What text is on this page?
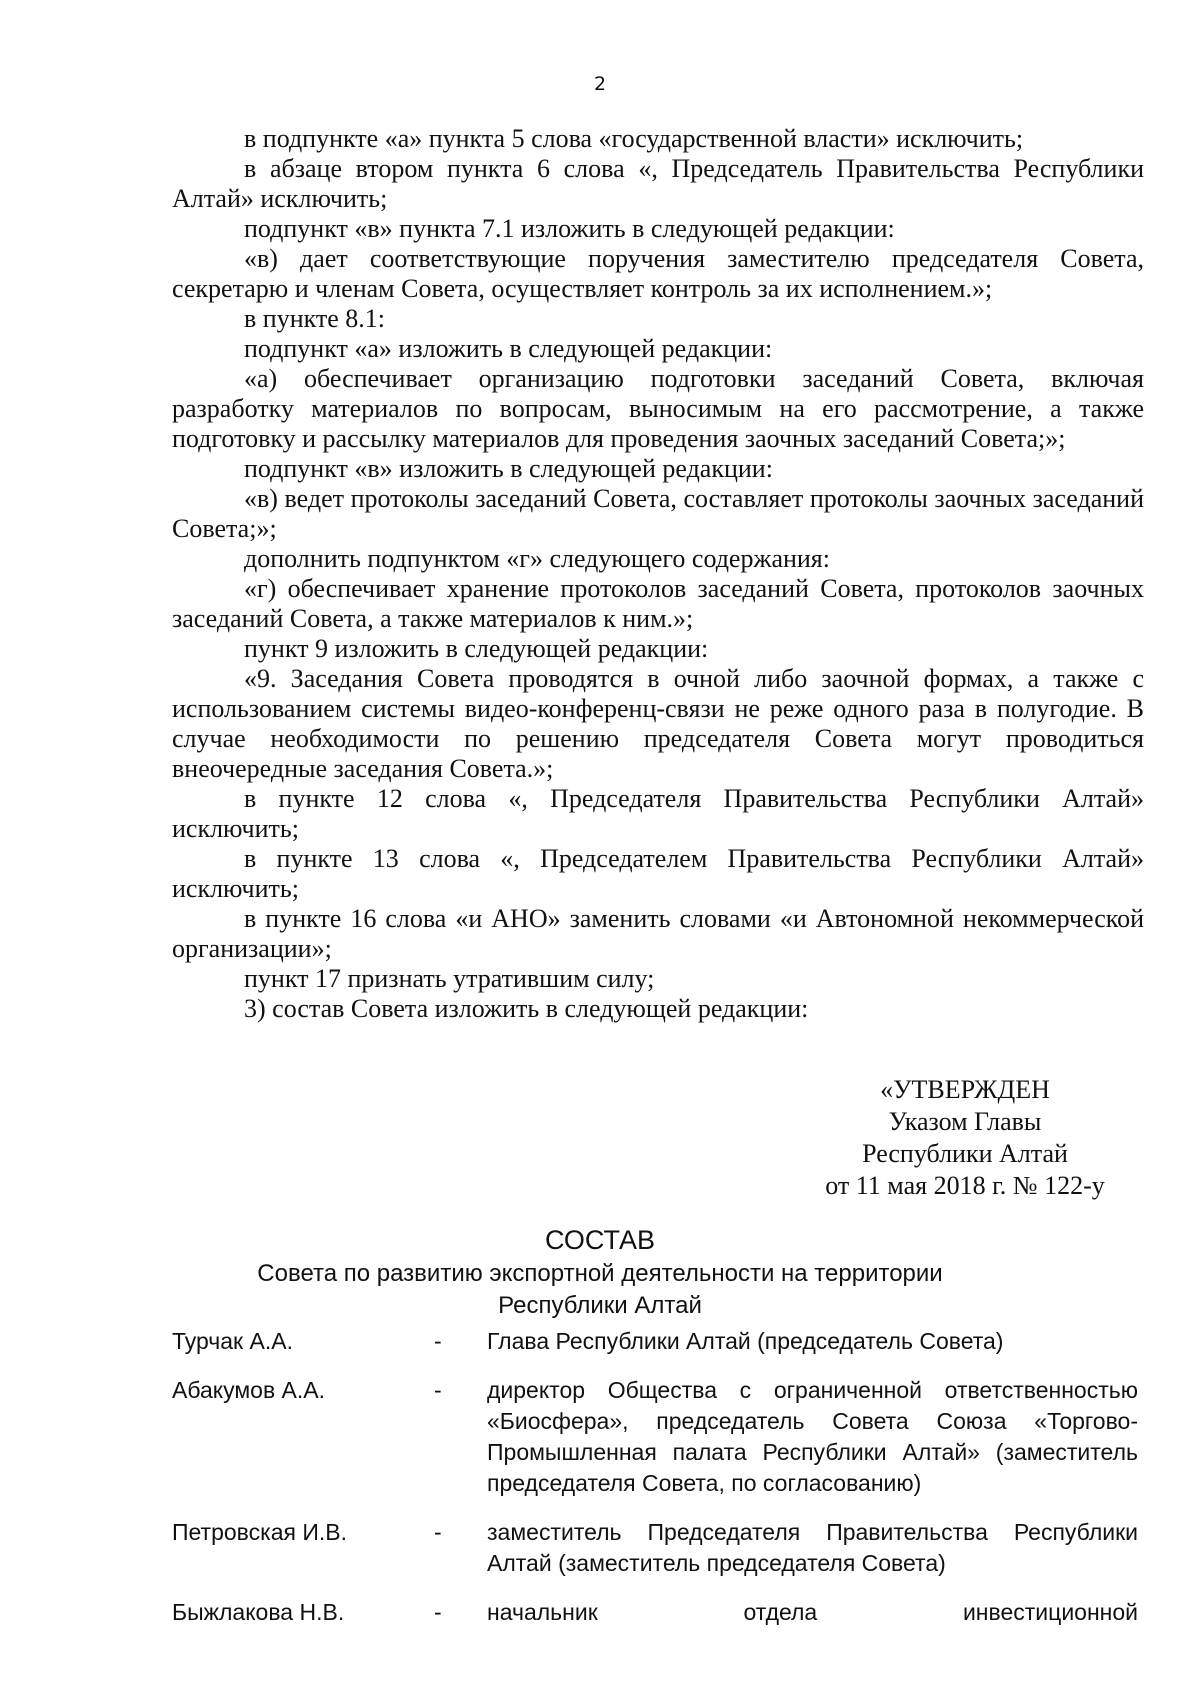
2

в подпункте «а» пункта 5 слова «государственной власти» исключить;

в абзаце втором пункта 6 слова «, Председатель Правительства Республики Алтай» исключить;

подпункт «в» пункта 7.1 изложить в следующей редакции:

«в) дает соответствующие поручения заместителю председателя Совета, секретарю и членам Совета, осуществляет контроль за их исполнением.»;

в пункте 8.1:

подпункт «а» изложить в следующей редакции:

«а) обеспечивает организацию подготовки заседаний Совета, включая разработку материалов по вопросам, выносимым на его рассмотрение, а также подготовку и рассылку материалов для проведения заочных заседаний Совета;»;

подпункт «в» изложить в следующей редакции:

«в) ведет протоколы заседаний Совета, составляет протоколы заочных заседаний Совета;»;

дополнить подпунктом «г» следующего содержания:

«г) обеспечивает хранение протоколов заседаний Совета, протоколов заочных заседаний Совета, а также материалов к ним.»;

пункт 9 изложить в следующей редакции:

«9. Заседания Совета проводятся в очной либо заочной формах, а также с использованием системы видео-конференц-связи не реже одного раза в полугодие. В случае необходимости по решению председателя Совета могут проводиться внеочередные заседания Совета.»;

в пункте 12 слова «, Председателя Правительства Республики Алтай» исключить;

в пункте 13 слова «, Председателем Правительства Республики Алтай» исключить;

в пункте 16 слова «и АНО» заменить словами «и Автономной некоммерческой организации»;

пункт 17 признать утратившим силу;

3) состав Совета изложить в следующей редакции:

«УТВЕРЖДЕН
Указом Главы
Республики Алтай
от 11 мая 2018 г. № 122-у
СОСТАВ
Совета по развитию экспортной деятельности на территории
Республики Алтай
Турчак А.А.	- Глава Республики Алтай (председатель Совета)
Абакумов А.А.	- директор Общества с ограниченной ответственностью «Биосфера», председатель Совета Союза «Торгово-Промышленная палата Республики Алтай» (заместитель председателя Совета, по согласованию)
Петровская И.В.	- заместитель Председателя Правительства Республики Алтай (заместитель председателя Совета)
Быжлакова Н.В.	- начальник отдела инвестиционной
